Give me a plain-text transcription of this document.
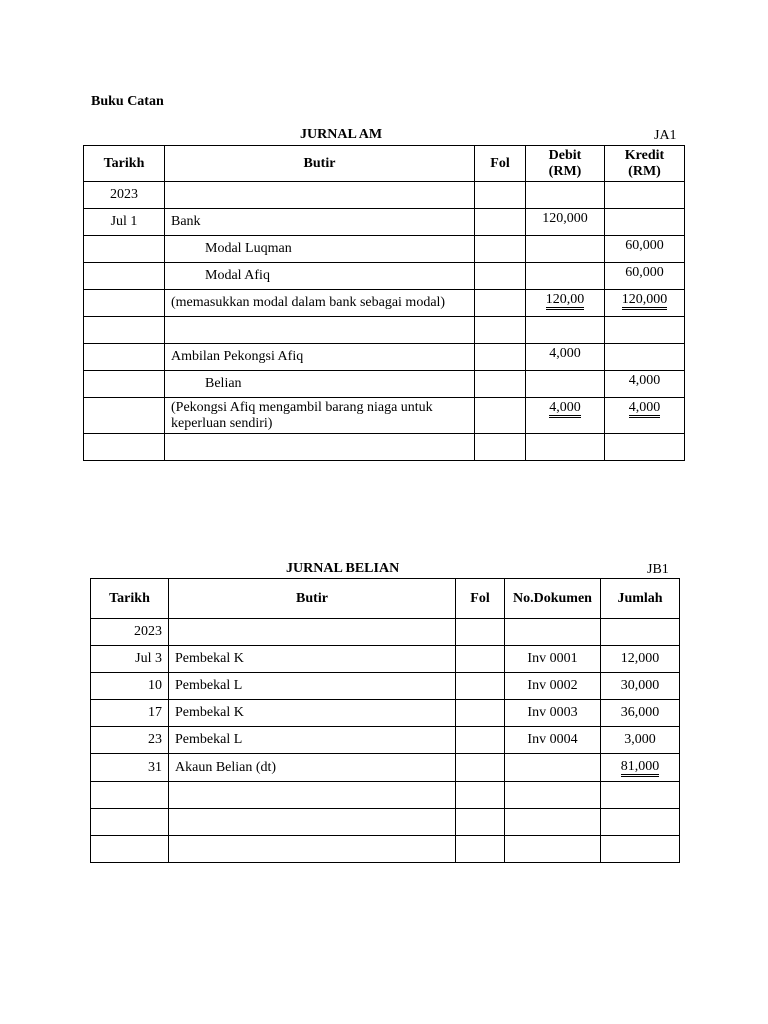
Buku Catan
JURNAL AM	JA1
Tarikh	Butir	Fol	Debit (RM)	Kredit (RM)
2023				
Jul 1	Bank		120,000	
	Modal Luqman			60,000
	Modal Afiq			60,000
	(memasukkan modal dalam bank sebagai modal)		120,00	120,000

	Ambilan Pekongsi Afiq		4,000	
	Belian			4,000
	(Pekongsi Afiq mengambil barang niaga untuk keperluan sendiri)		4,000	4,000

JURNAL BELIAN	JB1
Tarikh	Butir	Fol	No.Dokumen	Jumlah
2023				
Jul 3	Pembekal K		Inv 0001	12,000
10	Pembekal L		Inv 0002	30,000
17	Pembekal K		Inv 0003	36,000
23	Pembekal L		Inv 0004	3,000
31	Akaun Belian (dt)			81,000
